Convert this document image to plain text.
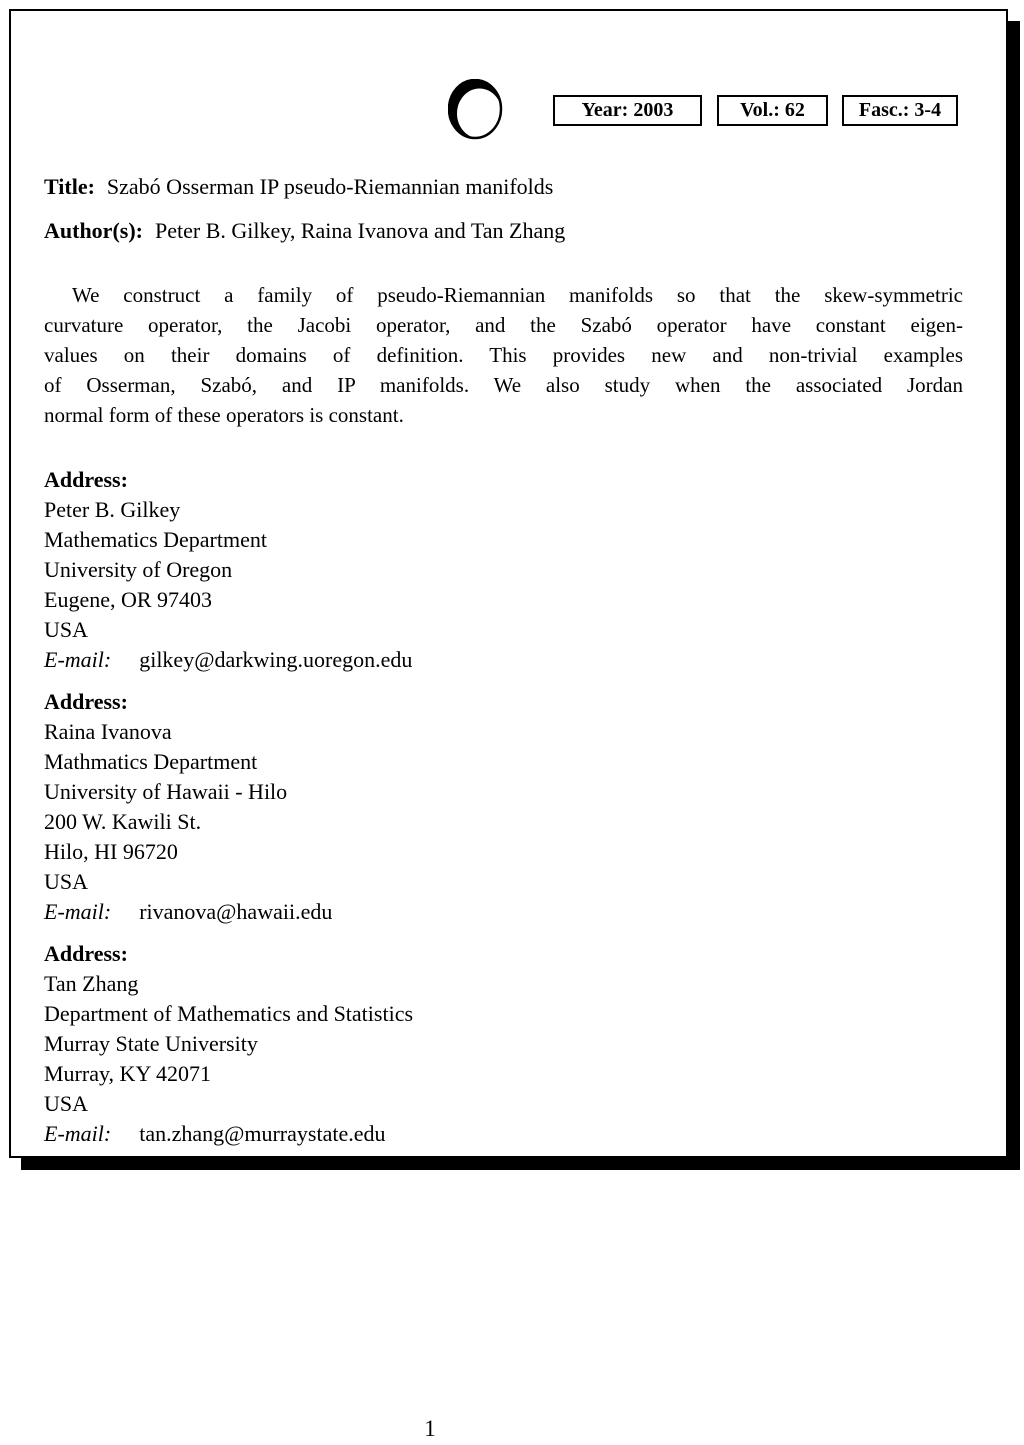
Year: 2003	Vol.: 62	Fasc.: 3-4
Title: Szabó Osserman IP pseudo-Riemannian manifolds
Author(s): Peter B. Gilkey, Raina Ivanova and Tan Zhang
We construct a family of pseudo-Riemannian manifolds so that the skew-symmetric
curvature operator, the Jacobi operator, and the Szabó operator have constant eigen-
values on their domains of definition. This provides new and non-trivial examples
of Osserman, Szabó, and IP manifolds. We also study when the associated Jordan
normal form of these operators is constant.
Address:
Peter B. Gilkey
Mathematics Department
University of Oregon
Eugene, OR 97403
USA
E-mail: gilkey@darkwing.uoregon.edu
Address:
Raina Ivanova
Mathmatics Department
University of Hawaii - Hilo
200 W. Kawili St.
Hilo, HI 96720
USA
E-mail: rivanova@hawaii.edu
Address:
Tan Zhang
Department of Mathematics and Statistics
Murray State University
Murray, KY 42071
USA
E-mail: tan.zhang@murraystate.edu
1
